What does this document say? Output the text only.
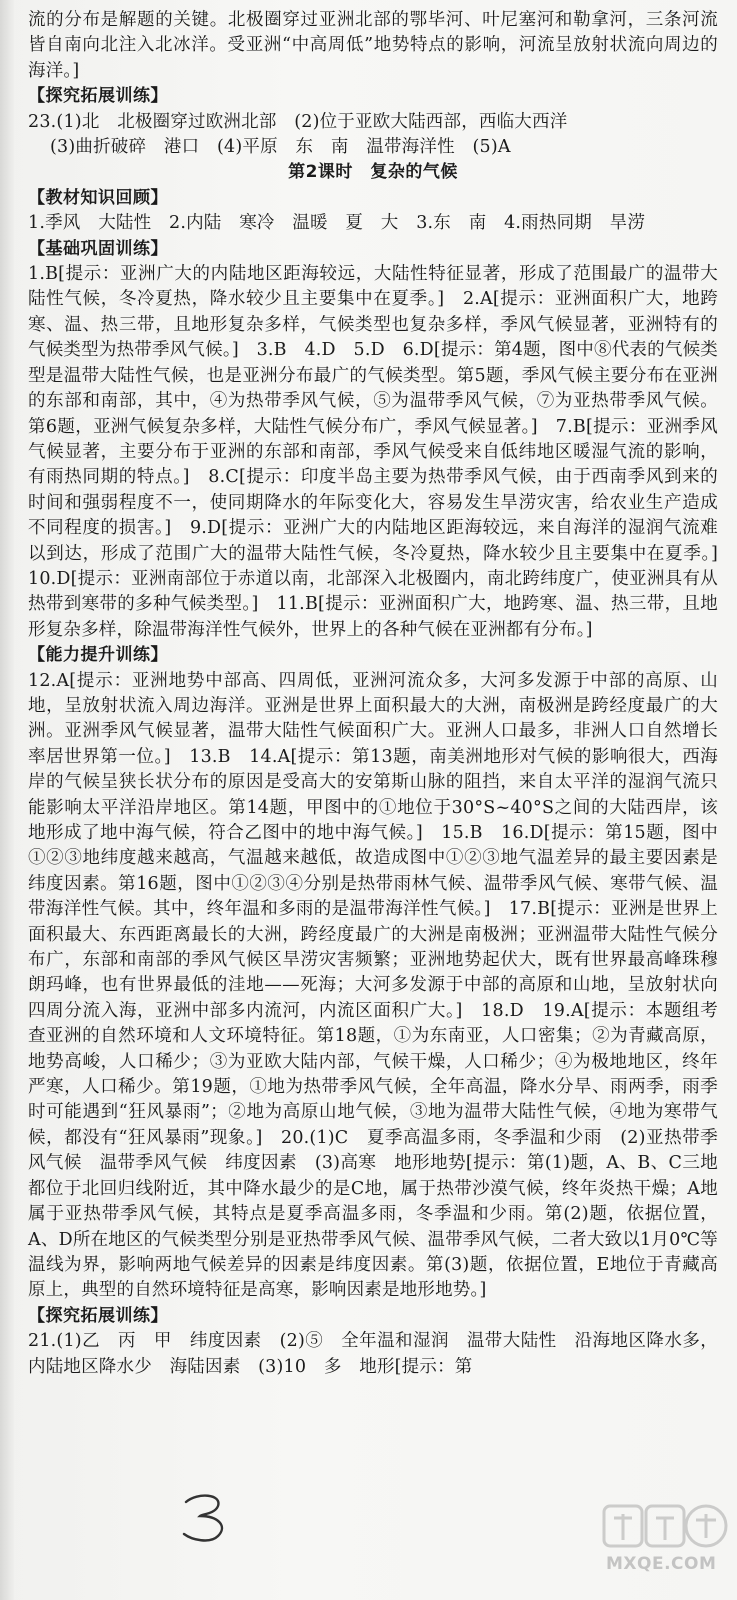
流的分布是解题的关键。北极圈穿过亚洲北部的鄂毕河、叶尼塞河和勒拿河，三条河流皆自南向北注入北冰洋。受亚洲“中高周低”地势特点的影响，河流呈放射状流向周边的海洋。]

【探究拓展训练】

23.(1)北　北极圈穿过欧洲北部　(2)位于亚欧大陆西部，西临大西洋

(3)曲折破碎　港口　(4)平原　东　南　温带海洋性　(5)A

第2课时　复杂的气候

【教材知识回顾】

1.季风　大陆性　2.内陆　寒冷　温暖　夏　大　3.东　南　4.雨热同期　旱涝

【基础巩固训练】

1.B[提示：亚洲广大的内陆地区距海较远，大陆性特征显著，形成了范围最广的温带大陆性气候，冬冷夏热，降水较少且主要集中在夏季。]　2.A[提示：亚洲面积广大，地跨寒、温、热三带，且地形复杂多样，气候类型也复杂多样，季风气候显著，亚洲特有的气候类型为热带季风气候。]　3.B　4.D　5.D　6.D[提示：第4题，图中⑧代表的气候类型是温带大陆性气候，也是亚洲分布最广的气候类型。第5题，季风气候主要分布在亚洲的东部和南部，其中，④为热带季风气候，⑤为温带季风气候，⑦为亚热带季风气候。第6题，亚洲气候复杂多样，大陆性气候分布广，季风气候显著。]　7.B[提示：亚洲季风气候显著，主要分布于亚洲的东部和南部，季风气候受来自低纬地区暖湿气流的影响，有雨热同期的特点。]　8.C[提示：印度半岛主要为热带季风气候，由于西南季风到来的时间和强弱程度不一，使同期降水的年际变化大，容易发生旱涝灾害，给农业生产造成不同程度的损害。]　9.D[提示：亚洲广大的内陆地区距海较远，来自海洋的湿润气流难以到达，形成了范围广大的温带大陆性气候，冬冷夏热，降水较少且主要集中在夏季。]　10.D[提示：亚洲南部位于赤道以南，北部深入北极圈内，南北跨纬度广，使亚洲具有从热带到寒带的多种气候类型。]　11.B[提示：亚洲面积广大，地跨寒、温、热三带，且地形复杂多样，除温带海洋性气候外，世界上的各种气候在亚洲都有分布。]

【能力提升训练】

12.A[提示：亚洲地势中部高、四周低，亚洲河流众多，大河多发源于中部的高原、山地，呈放射状流入周边海洋。亚洲是世界上面积最大的大洲，南极洲是跨经度最广的大洲。亚洲季风气候显著，温带大陆性气候面积广大。亚洲人口最多，非洲人口自然增长率居世界第一位。]　13.B　14.A[提示：第13题，南美洲地形对气候的影响很大，西海岸的气候呈狭长状分布的原因是受高大的安第斯山脉的阻挡，来自太平洋的湿润气流只能影响太平洋沿岸地区。第14题，甲图中的①地位于30°S~40°S之间的大陆西岸，该地形成了地中海气候，符合乙图中的地中海气候。]　15.B　16.D[提示：第15题，图中①②③地纬度越来越高，气温越来越低，故造成图中①②③地气温差异的最主要因素是纬度因素。第16题，图中①②③④分别是热带雨林气候、温带季风气候、寒带气候、温带海洋性气候。其中，终年温和多雨的是温带海洋性气候。]　17.B[提示：亚洲是世界上面积最大、东西距离最长的大洲，跨经度最广的大洲是南极洲；亚洲温带大陆性气候分布广，东部和南部的季风气候区旱涝灾害频繁；亚洲地势起伏大，既有世界最高峰珠穆朗玛峰，也有世界最低的洼地——死海；大河多发源于中部的高原和山地，呈放射状向四周分流入海，亚洲中部多内流河，内流区面积广大。]　18.D　19.A[提示：本题组考查亚洲的自然环境和人文环境特征。第18题，①为东南亚，人口密集；②为青藏高原，地势高峻，人口稀少；③为亚欧大陆内部，气候干燥，人口稀少；④为极地地区，终年严寒，人口稀少。第19题，①地为热带季风气候，全年高温，降水分旱、雨两季，雨季时可能遇到“狂风暴雨”；②地为高原山地气候，③地为温带大陆性气候，④地为寒带气候，都没有“狂风暴雨”现象。]　20.(1)C　夏季高温多雨，冬季温和少雨　(2)亚热带季风气候　温带季风气候　纬度因素　(3)高寒　地形地势[提示：第(1)题，A、B、C三地都位于北回归线附近，其中降水最少的是C地，属于热带沙漠气候，终年炎热干燥；A地属于亚热带季风气候，其特点是夏季高温多雨，冬季温和少雨。第(2)题，依据位置，A、D所在地区的气候类型分别是亚热带季风气候、温带季风气候，二者大致以1月0℃等温线为界，影响两地气候差异的因素是纬度因素。第(3)题，依据位置，E地位于青藏高原上，典型的自然环境特征是高寒，影响因素是地形地势。]

【探究拓展训练】

21.(1)乙　丙　甲　纬度因素　(2)⑤　全年温和湿润　温带大陆性　沿海地区降水多，内陆地区降水少　海陆因素　(3)10　多　地形[提示：第

MXQE.COM
